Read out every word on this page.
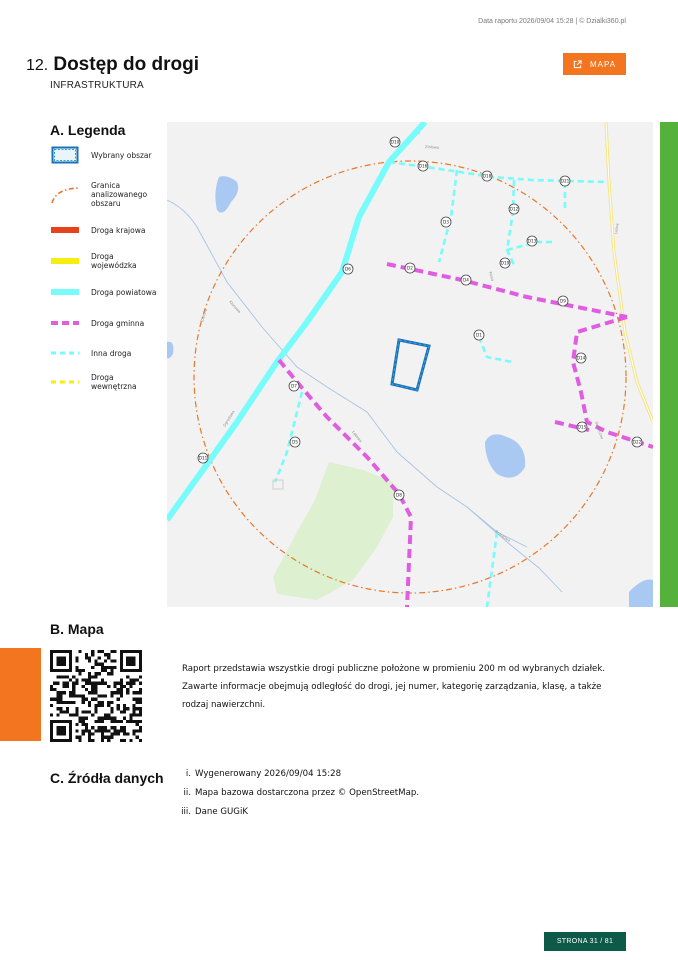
Data raportu 2026/09/04 15:28 | © Dzialki360.pl
12. Dostęp do drogi
INFRASTRUKTURA
MAPA
A. Legenda
Wybrany obszar
Granica analizowanego obszaru
Droga krajowa
Droga wojewódzka
Droga powiatowa
Droga gminna
Inna droga
Droga wewnętrzna
Ziołowa
Polna
Leśna
Zielona
Ogrodowa
Klonowa
Łąkowa	Słoneczna
Brzozowa
D10
D16
D18
D21
D12
D3
D13
D19
D2
D4
D6
D9
D1
D14
D15
D22
D7
D5
D11
D8
B. Mapa
Raport przedstawia wszystkie drogi publiczne położone w promieniu 200 m od wybranych działek.
Zawarte informacje obejmują odległość do drogi, jej numer, kategorię zarządzania, klasę, a także
rodzaj nawierzchni.
C. Źródła danych	i. Wygenerowany 2026/09/04 15:28
ii. Mapa bazowa dostarczona przez © OpenStreetMap.
iii. Dane GUGiK
STRONA 31 / 81
